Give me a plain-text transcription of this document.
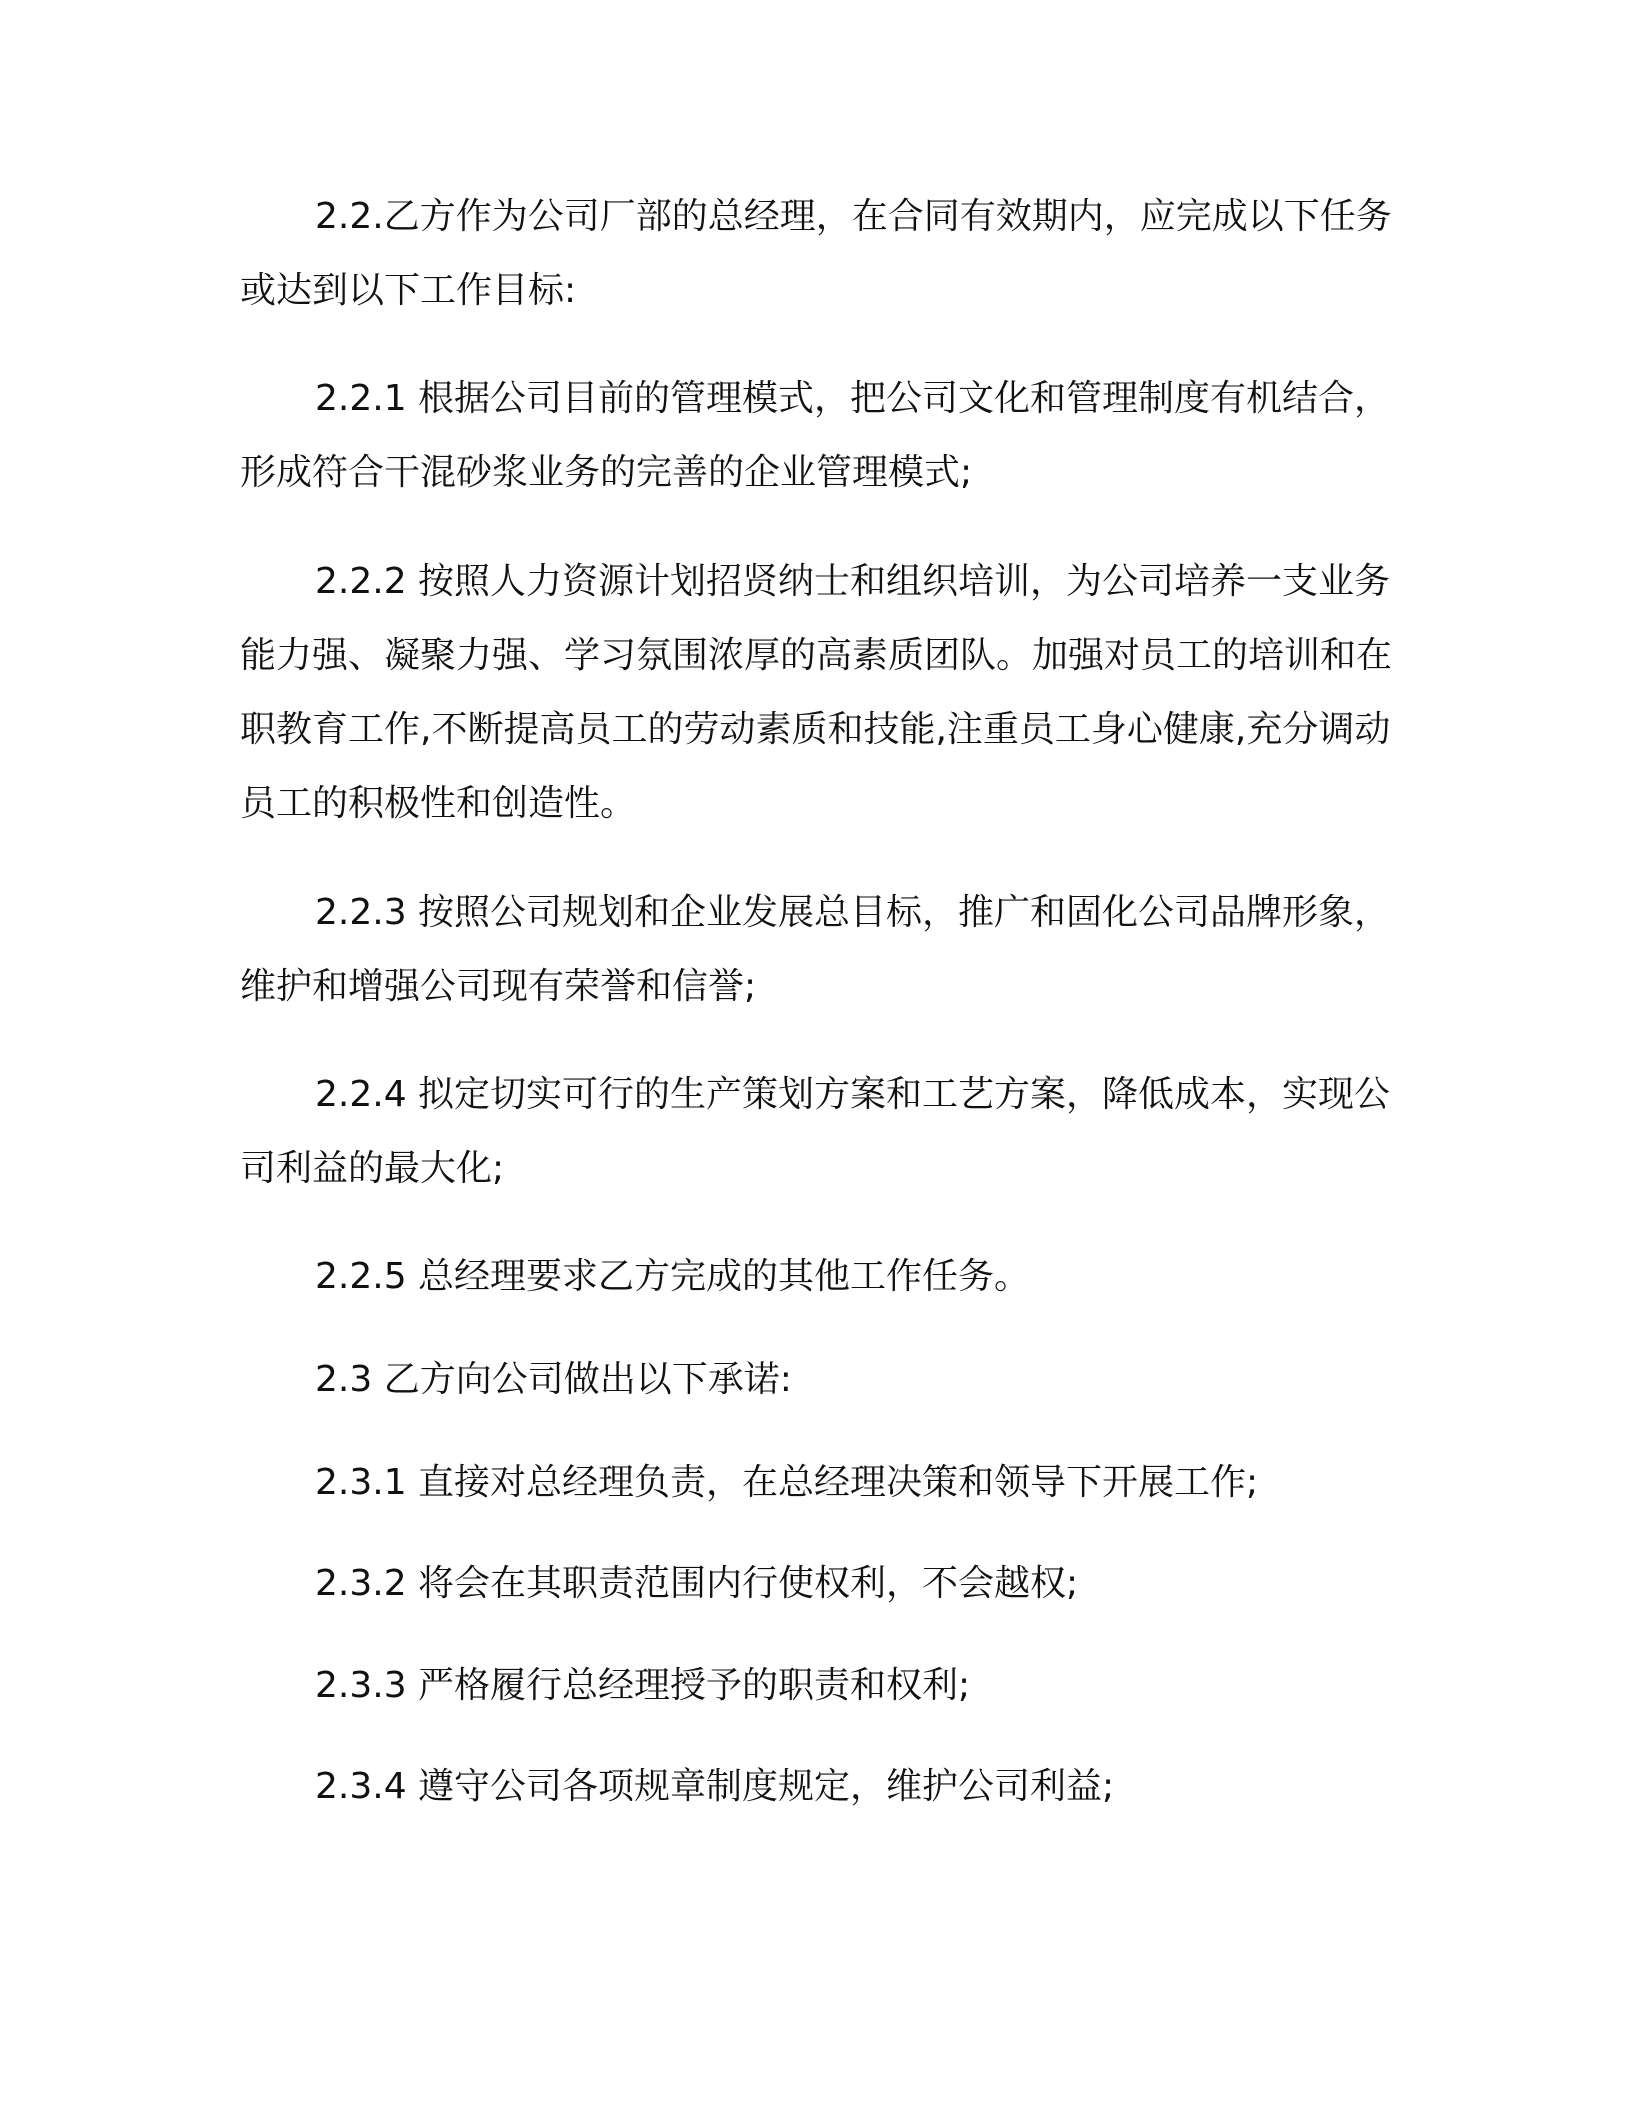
2.2.乙方作为公司厂部的总经理，在合同有效期内，应完成以下任务或达到以下工作目标:

2.2.1 根据公司目前的管理模式，把公司文化和管理制度有机结合，形成符合干混砂浆业务的完善的企业管理模式;

2.2.2 按照人力资源计划招贤纳士和组织培训，为公司培养一支业务能力强、凝聚力强、学习氛围浓厚的高素质团队。加强对员工的培训和在职教育工作,不断提高员工的劳动素质和技能,注重员工身心健康,充分调动员工的积极性和创造性。

2.2.3 按照公司规划和企业发展总目标，推广和固化公司品牌形象，维护和增强公司现有荣誉和信誉;

2.2.4 拟定切实可行的生产策划方案和工艺方案，降低成本，实现公司利益的最大化;

2.2.5 总经理要求乙方完成的其他工作任务。

2.3 乙方向公司做出以下承诺:

2.3.1 直接对总经理负责，在总经理决策和领导下开展工作;

2.3.2 将会在其职责范围内行使权利，不会越权;

2.3.3 严格履行总经理授予的职责和权利;

2.3.4 遵守公司各项规章制度规定，维护公司利益;
